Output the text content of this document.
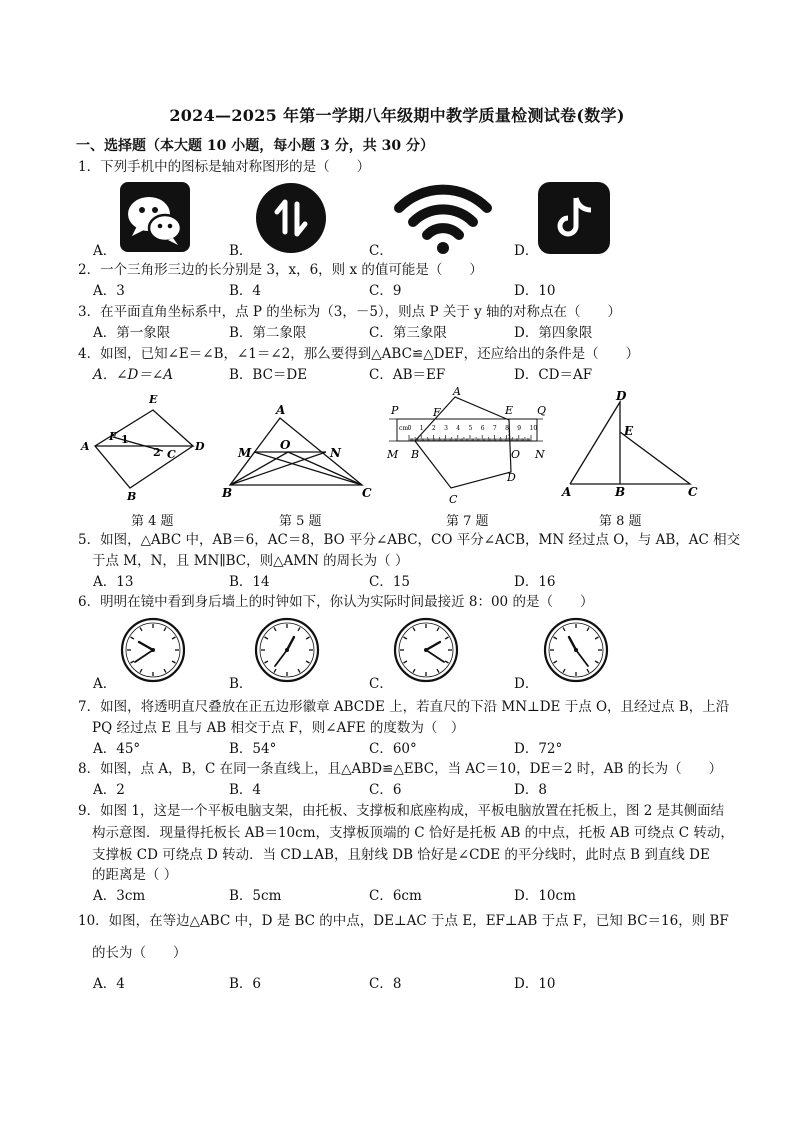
2024—2025 年第一学期八年级期中教学质量检测试卷(数学)
一、选择题（本大题 10 小题，每小题 3 分，共 30 分）
1．下列手机中的图标是轴对称图形的是（　　）
A．	B．	C．	D．
2．一个三角形三边的长分别是 3，x，6，则 x 的值可能是（　　）
A．3	B．4	C．9	D．10
3．在平面直角坐标系中，点 P 的坐标为（3，－5），则点 P 关于 y 轴的对称点在（　　）
A．第一象限	B．第二象限	C．第三象限	D．第四象限
4．如图，已知∠E＝∠B，∠1＝∠2，那么要得到△ABC≌△DEF，还应给出的条件是（　　）
A．∠D＝∠A	B．BC＝DE	C．AB＝EF	D．CD＝AF
E
A
F 1
2 C
D
B
第 4 题
A
O
M	N
B	C
第 5 题
cm 0 1 2 3 4 5 6 7 8 9 10
P	F
A
E Q
M B	O N
D
C
第 7 题
D
E
A	B	C
第 8 题
5．如图，△ABC 中，AB＝6，AC＝8，BO 平分∠ABC，CO 平分∠ACB，MN 经过点 O，与 AB，AC 相交
于点 M，N，且 MN∥BC，则△AMN 的周长为（ ）
A．13	B．14	C．15	D．16
6．明明在镜中看到身后墙上的时钟如下，你认为实际时间最接近 8：00 的是（　　）
A．	B．	C．	D．
7．如图，将透明直尺叠放在正五边形徽章 ABCDE 上，若直尺的下沿 MN⊥DE 于点 O，且经过点 B，上沿
PQ 经过点 E 且与 AB 相交于点 F，则∠AFE 的度数为（　）
A．45°	B．54°	C．60°	D．72°
8．如图，点 A，B，C 在同一条直线上，且△ABD≌△EBC，当 AC＝10，DE＝2 时，AB 的长为（　　）
A．2	B．4	C．6	D．8
9．如图 1，这是一个平板电脑支架，由托板、支撑板和底座构成，平板电脑放置在托板上，图 2 是其侧面结
构示意图．现量得托板长 AB＝10cm，支撑板顶端的 C 恰好是托板 AB 的中点，托板 AB 可绕点 C 转动，
支撑板 CD 可绕点 D 转动．当 CD⊥AB，且射线 DB 恰好是∠CDE 的平分线时，此时点 B 到直线 DE
的距离是（ ）
A．3cm	B．5cm	C．6cm	D．10cm
10．如图，在等边△ABC 中，D 是 BC 的中点，DE⊥AC 于点 E，EF⊥AB 于点 F，已知 BC＝16，则 BF
的长为（　　）
A．4	B．6	C．8	D．10
